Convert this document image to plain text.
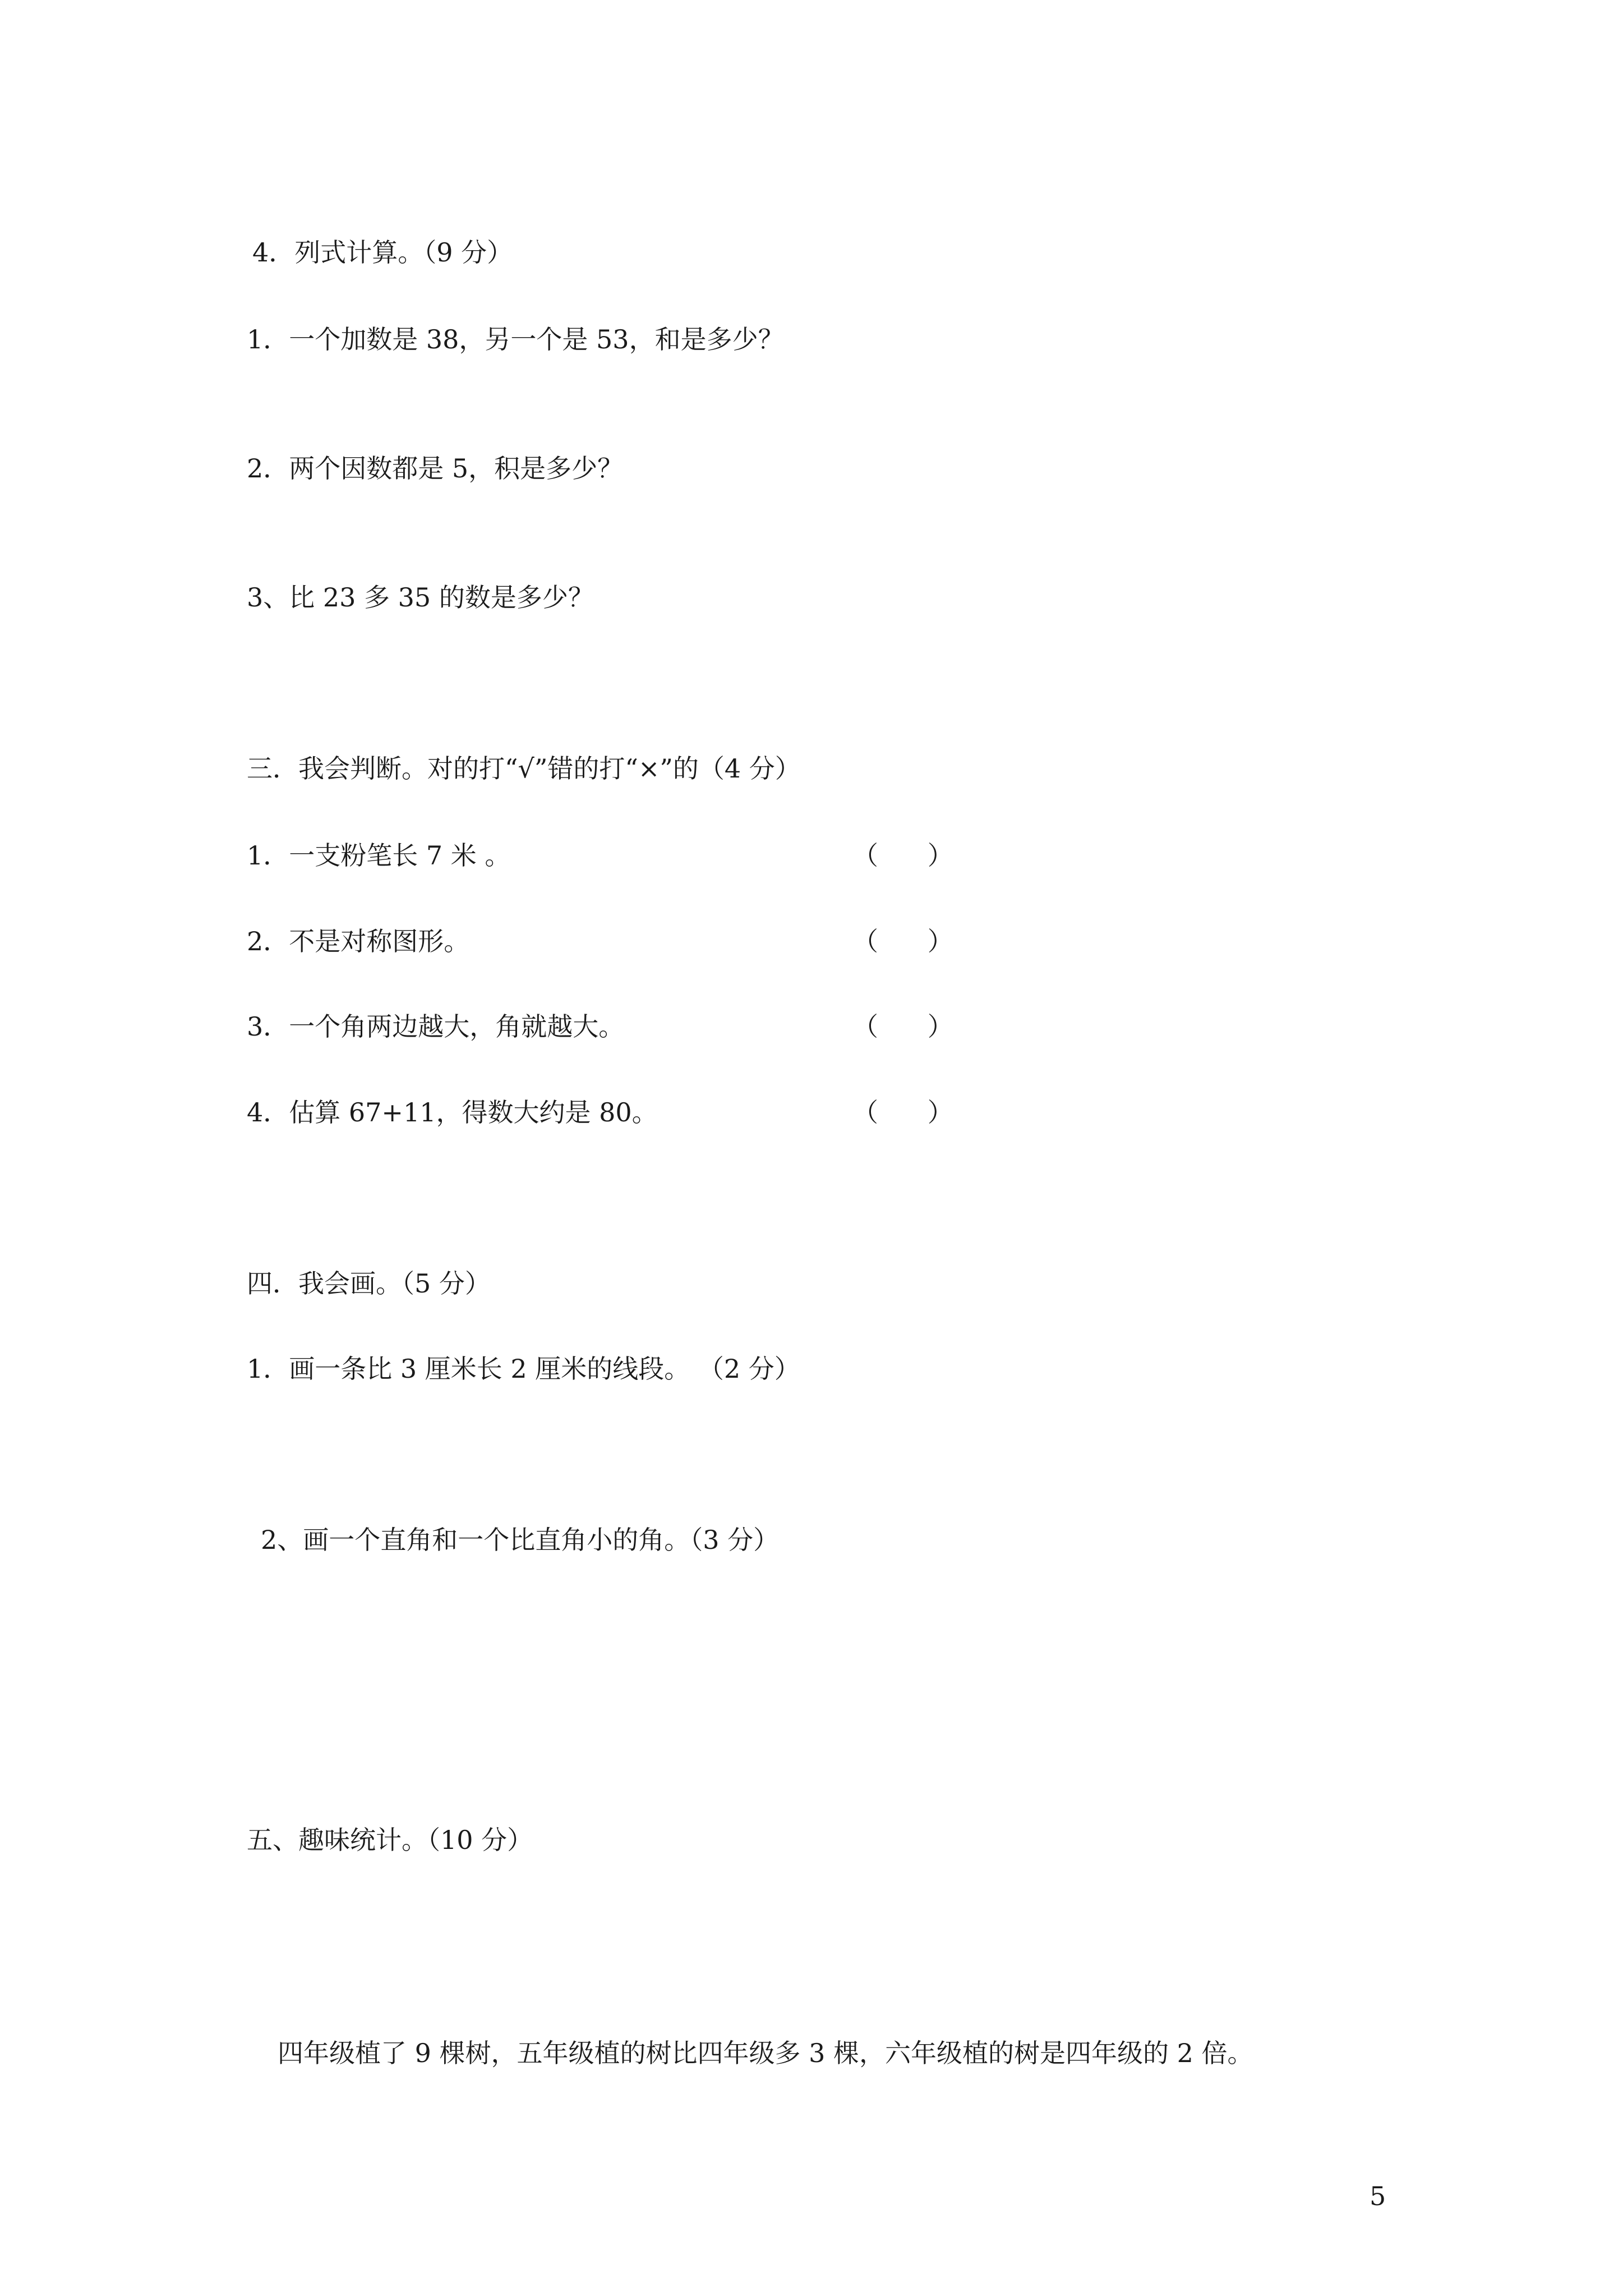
4．列式计算。（9 分）
1．一个加数是 38，另一个是 53，和是多少？
2．两个因数都是 5，积是多少？
3、比 23 多 35 的数是多少？
三．我会判断。对的打“√”错的打“×”的（4 分）
1．一支粉笔长 7 米 。	（      ）
2．不是对称图形。	（      ）
3．一个角两边越大，角就越大。	（      ）
4．估算 67+11，得数大约是 80。	（      ）
四．我会画。（5 分）
1．画一条比 3 厘米长 2 厘米的线段。 （2 分）
2、画一个直角和一个比直角小的角。（3 分）
五、趣味统计。（10 分）
四年级植了 9 棵树，五年级植的树比四年级多 3 棵，六年级植的树是四年级的 2 倍。
5
